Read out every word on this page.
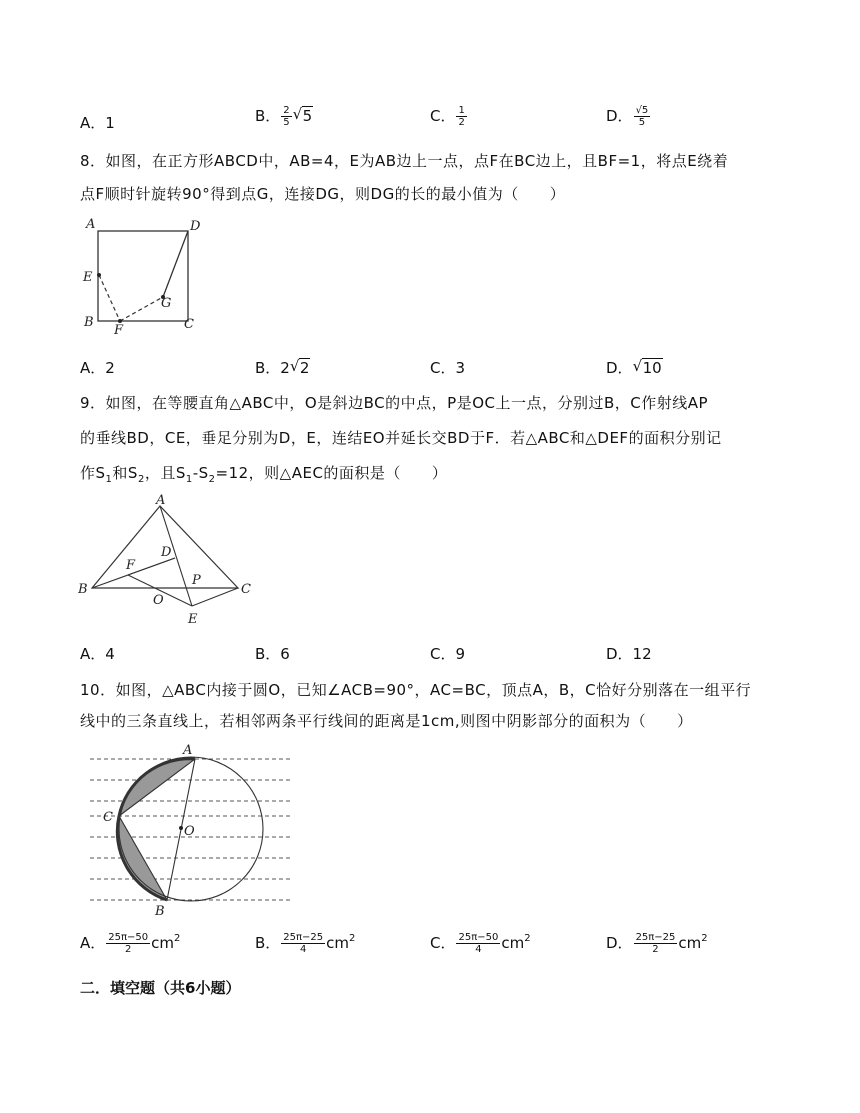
A．1	B． $\frac{2}{5}$ √ 5	C． $\frac{1}{2}$	D． $\frac{√5}{5}$
8．如图，在正方形ABCD中，AB=4，E为AB边上一点，点F在BC边上，且BF=1，将点E绕着
点F顺时针旋转90°得到点G，连接DG，则DG的长的最小值为（　　）
A	D
E
G
B
F	C
A．2	B．2 √ 2	C．3	D． √ 10
9．如图，在等腰直角△ABC中，O是斜边BC的中点，P是OC上一点，分别过B，C作射线AP
的垂线BD，CE，垂足分别为D，E，连结EO并延长交BD于F．若△ABC和△DEF的面积分别记
作$S_1$和$S_2$，且$S_1-S_2=12$，则△AEC的面积是（　　）
A
D
F
P
B
O
C
E
A．4	B．6	C．9	D．12
10．如图，△ABC内接于圆O，已知∠ACB=90°，AC=BC，顶点A，B，C恰好分别落在一组平行
线中的三条直线上，若相邻两条平行线间的距离是1cm,则图中阴影部分的面积为（　　）
A
C
O
B
A． $\frac{25\pi-50}{2} cm^2$	B． $\frac{25\pi-25}{4} cm^2$	C． $\frac{25\pi-50}{4} cm^2$	D． $\frac{25\pi-25}{2} cm^2$
二．填空题（共6小题）
